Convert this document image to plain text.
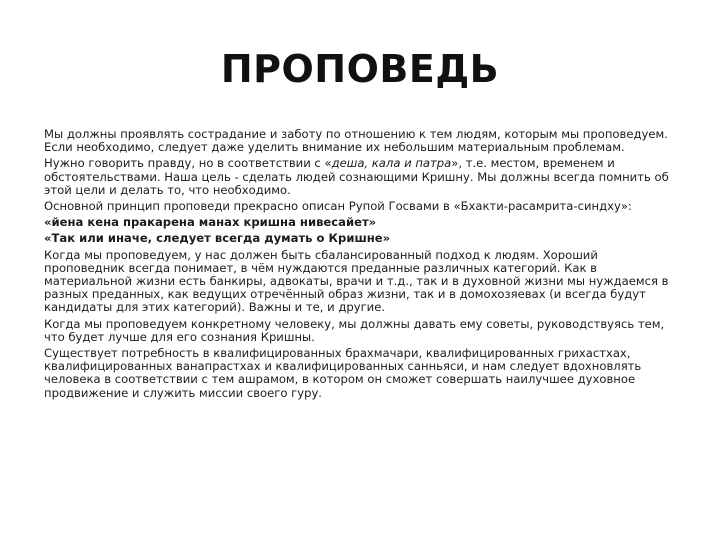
ПРОПОВЕДЬ

Мы должны проявлять сострадание и заботу по отношению к тем людям, которым мы проповедуем. Если необходимо, следует даже уделить внимание их небольшим материальным проблемам.

Нужно говорить правду, но в соответствии с «деша, кала и патра», т.е. местом, временем и обстоятельствами. Наша цель - сделать людей сознающими Кришну. Мы должны всегда помнить об этой цели и делать то, что необходимо.

Основной принцип проповеди прекрасно описан Рупой Госвами в «Бхакти-расамрита-синдху»:

«йена кена пракарена манах кришна нивесайет»

«Так или иначе, следует всегда думать о Кришне»

Когда мы проповедуем, у нас должен быть сбалансированный подход к людям. Хороший проповедник всегда понимает, в чём нуждаются преданные различных категорий. Как в материальной жизни есть банкиры, адвокаты, врачи и т.д., так и в духовной жизни мы нуждаемся в разных преданных, как ведущих отречённый образ жизни, так и в домохозяевах (и всегда будут кандидаты для этих категорий). Важны и те, и другие.

Когда мы проповедуем конкретному человеку, мы должны давать ему советы, руководствуясь тем, что будет лучше для его сознания Кришны.

Существует потребность в квалифицированных брахмачари, квалифицированных грихастхах, квалифицированных ванапрастхах и квалифицированных санньяси, и нам следует вдохновлять человека в соответствии с тем ашрамом, в котором он сможет совершать наилучшее духовное продвижение и служить миссии своего гуру.
